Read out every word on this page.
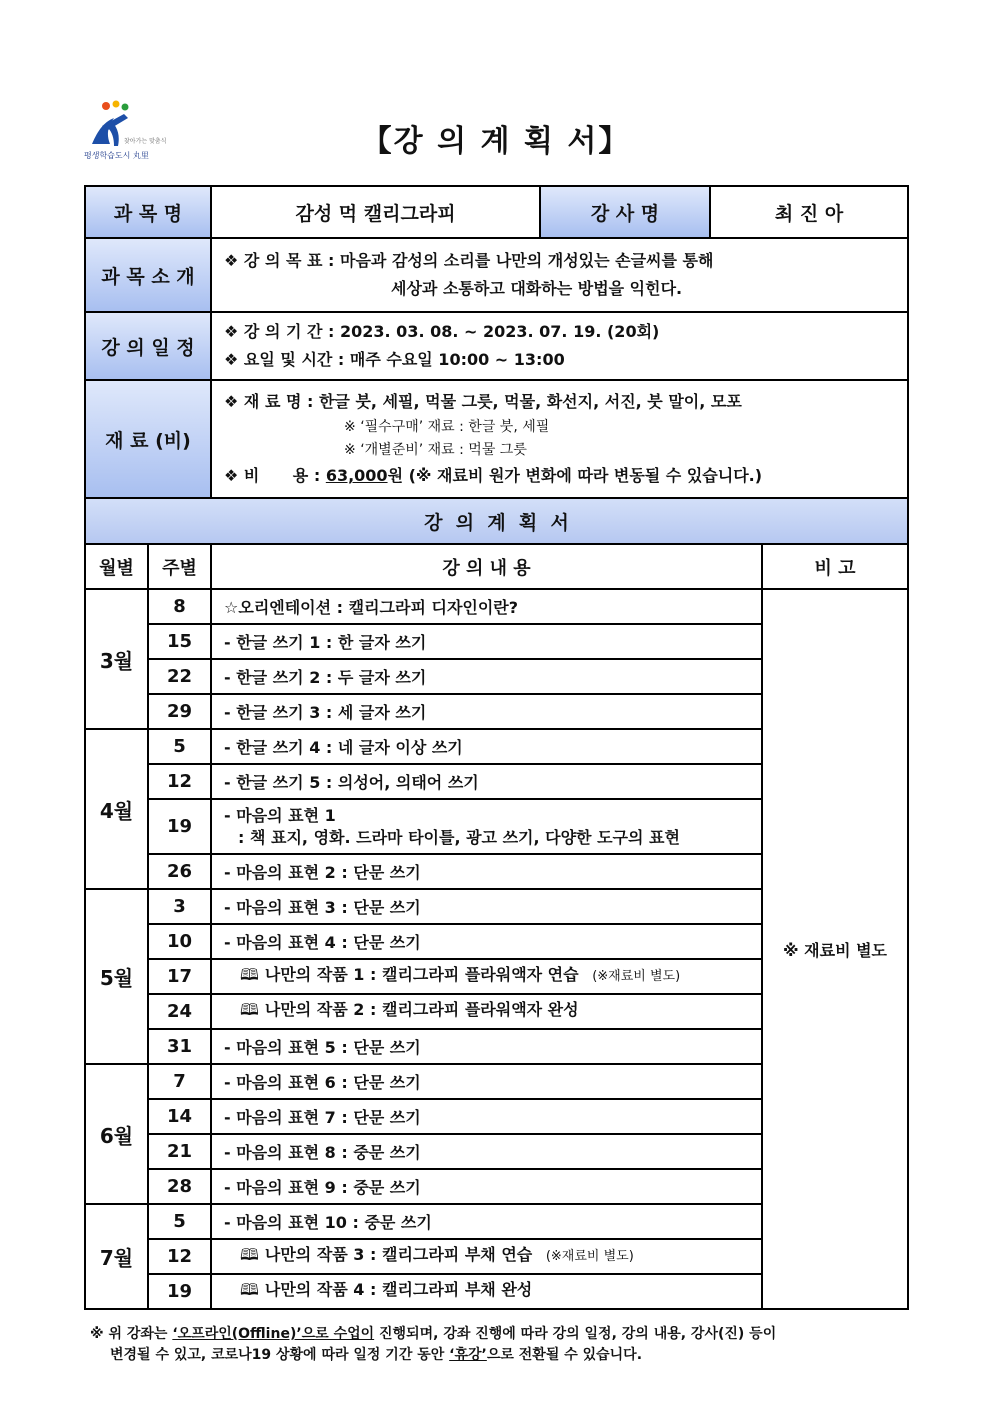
찾아가는 맞춤식
평생학습도시 丸里	【강 의 계 획 서】
과 목 명		감성 먹 캘리그라피	강 사 명	최 진 아	
과 목 소 개		❖ 강 의 목 표 : 마음과 감성의 소리를 나만의 개성있는 손글씨를 통해
세상과 소통하고 대화하는 방법을 익힌다.			

강 의 일 정		❖ 강 의 기 간 : 2023. 03. 08. ~ 2023. 07. 19. (20회)
❖ 요일 및 시간 : 매주 수요일 10:00 ~ 13:00			

재 료 (비)		❖ 재 료 명 : 한글 붓, 세필, 먹물 그릇, 먹물, 화선지, 서진, 붓 말이, 모포
※ ‘필수구매’ 재료 : 한글 붓, 세필
※ ‘개별준비’ 재료 : 먹물 그릇
❖ 비      용 : 63,000원 (※ 재료비 원가 변화에 따라 변동될 수 있습니다.)			

강  의  계  획  서					
월별	주별	강 의 내 용			비 고
3월	8	☆오리엔테이션 : 캘리그라피 디자인이란?			※ 재료비 별도
	15	- 한글 쓰기 1 : 한 글자 쓰기			
	22	- 한글 쓰기 2 : 두 글자 쓰기			
	29	- 한글 쓰기 3 : 세 글자 쓰기			
4월	5	- 한글 쓰기 4 : 네 글자 이상 쓰기			
	12	- 한글 쓰기 5 : 의성어, 의태어 쓰기			
	19	- 마음의 표현 1
: 책 표지, 영화. 드라마 타이틀, 광고 쓰기, 다양한 도구의 표현			

	26	- 마음의 표현 2 : 단문 쓰기			
5월	3	- 마음의 표현 3 : 단문 쓰기			
	10	- 마음의 표현 4 : 단문 쓰기			
	17	🕮 나만의 작품 1 : 캘리그라피 플라워액자 연습 (※재료비 별도)			
	24	🕮 나만의 작품 2 : 캘리그라피 플라워액자 완성			
	31	- 마음의 표현 5 : 단문 쓰기			
6월	7	- 마음의 표현 6 : 단문 쓰기			
	14	- 마음의 표현 7 : 단문 쓰기			
	21	- 마음의 표현 8 : 중문 쓰기			
	28	- 마음의 표현 9 : 중문 쓰기			
7월	5	- 마음의 표현 10 : 중문 쓰기			
	12	🕮 나만의 작품 3 : 캘리그라피 부채 연습 (※재료비 별도)			
	19	🕮 나만의 작품 4 : 캘리그라피 부채 완성			
※ 위 강좌는 ‘오프라인(Offline)’으로 수업이 진행되며, 강좌 진행에 따라 강의 일정, 강의 내용, 강사(진) 등이
변경될 수 있고, 코로나19 상황에 따라 일정 기간 동안 ‘휴강’으로 전환될 수 있습니다.
